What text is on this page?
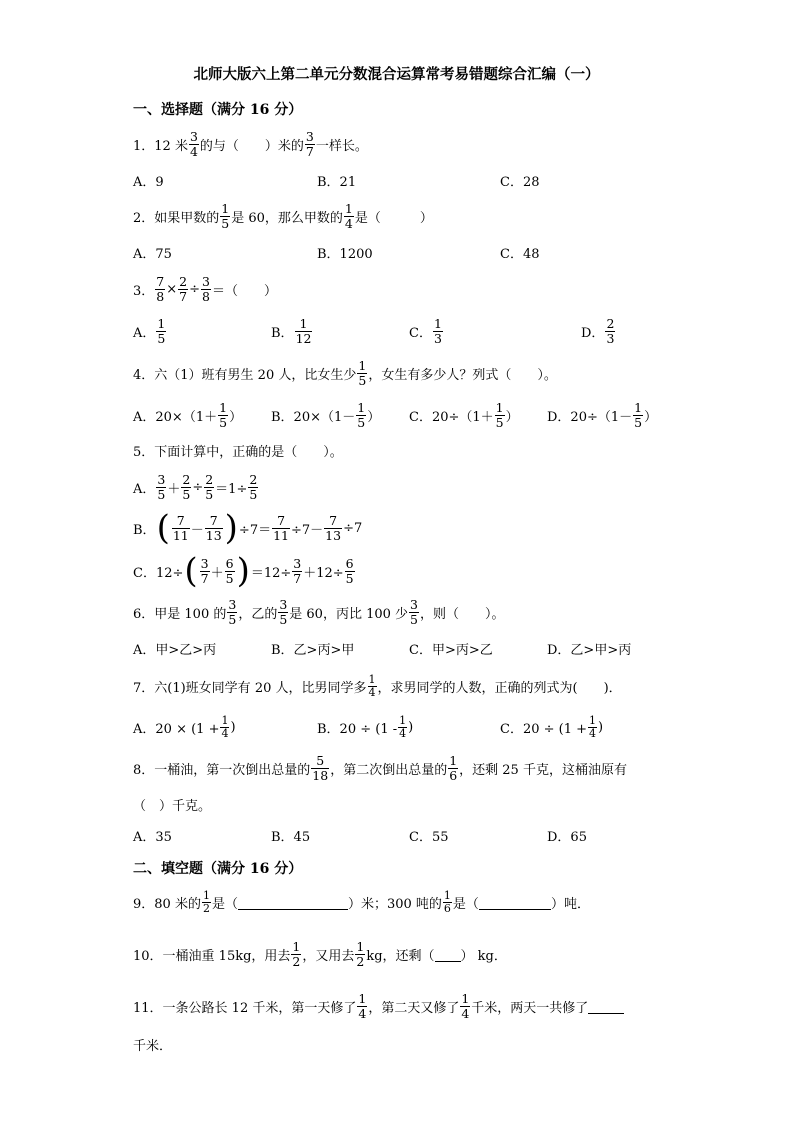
北师大版六上第二单元分数混合运算常考易错题综合汇编（一）
一、选择题（满分 16 分）
1．12 米 $\frac{3}{4}$ 的与（　　）米的 $\frac{3}{7}$ 一样长。
A．9	B．21	C．28
2．如果甲数的 $\frac{1}{5}$ 是 60，那么甲数的 $\frac{1}{4}$ 是（　　　）
A．75	B．1200	C．48
3． $\frac{7}{8} \times \frac{2}{7} \div \frac{3}{8}$ ＝（　　）
A． $\frac{1}{5}$	B． $\frac{1}{12}$	C． $\frac{1}{3}$	D． $\frac{2}{3}$
4．六（1）班有男生 20 人，比女生少 $\frac{1}{5}$ ，女生有多少人？列式（　　）。
A．$20\times(1+ \frac{1}{5}$ ） B．$20\times(1- \frac{1}{5}$ ） C．$20\div(1+ \frac{1}{5}$ ） D．$20\div(1- \frac{1}{5}$ ）
5．下面计算中，正确的是（　　）。
A． $\frac{3}{5} + \frac{2}{5} \div \frac{2}{5} =1\div \frac{2}{5}$
B． ( $\frac{7}{11} - \frac{7}{13}$ ) $\div 7= \frac{7}{11} \div 7- \frac{7}{13} \div 7$
C．12÷ ( $\frac{3}{7} + \frac{6}{5}$ ) $=12\div \frac{3}{7} +12\div \frac{6}{5}$
6．甲是 100 的 $\frac{3}{5}$ ，乙的 $\frac{3}{5}$ 是 60，丙比 100 少 $\frac{3}{5}$ ，则（　　）。
A．甲>乙>丙	B．乙>丙>甲	C．甲>丙>乙	D．乙>甲>丙
7．六(1)班女同学有 20 人，比男同学多 $\frac{1}{4}$ ，求男同学的人数，正确的列式为(　　)．
A．$20 \times (1 + \frac{1}{4}$ )	B．$20 \div (1 - \frac{1}{4}$ )	C．$20 \div (1 + \frac{1}{4}$ )
8．一桶油，第一次倒出总量的 $\frac{5}{18}$ ，第二次倒出总量的 $\frac{1}{6}$ ，还剩 25 千克，这桶油原有
（　）千克。
A．35	B．45	C．55	D．65
二、填空题（满分 16 分）
9．80 米的 $\frac{1}{2}$ 是（	）米；300 吨的 $\frac{1}{6}$ 是（	）吨．
10．一桶油重 15kg，用去 $\frac{1}{2}$ ，又用去 $\frac{1}{2}$ kg，还剩（ ） kg．
11．一条公路长 12 千米，第一天修了 $\frac{1}{4}$ ，第二天又修了 $\frac{1}{4}$ 千米，两天一共修了
千米．
